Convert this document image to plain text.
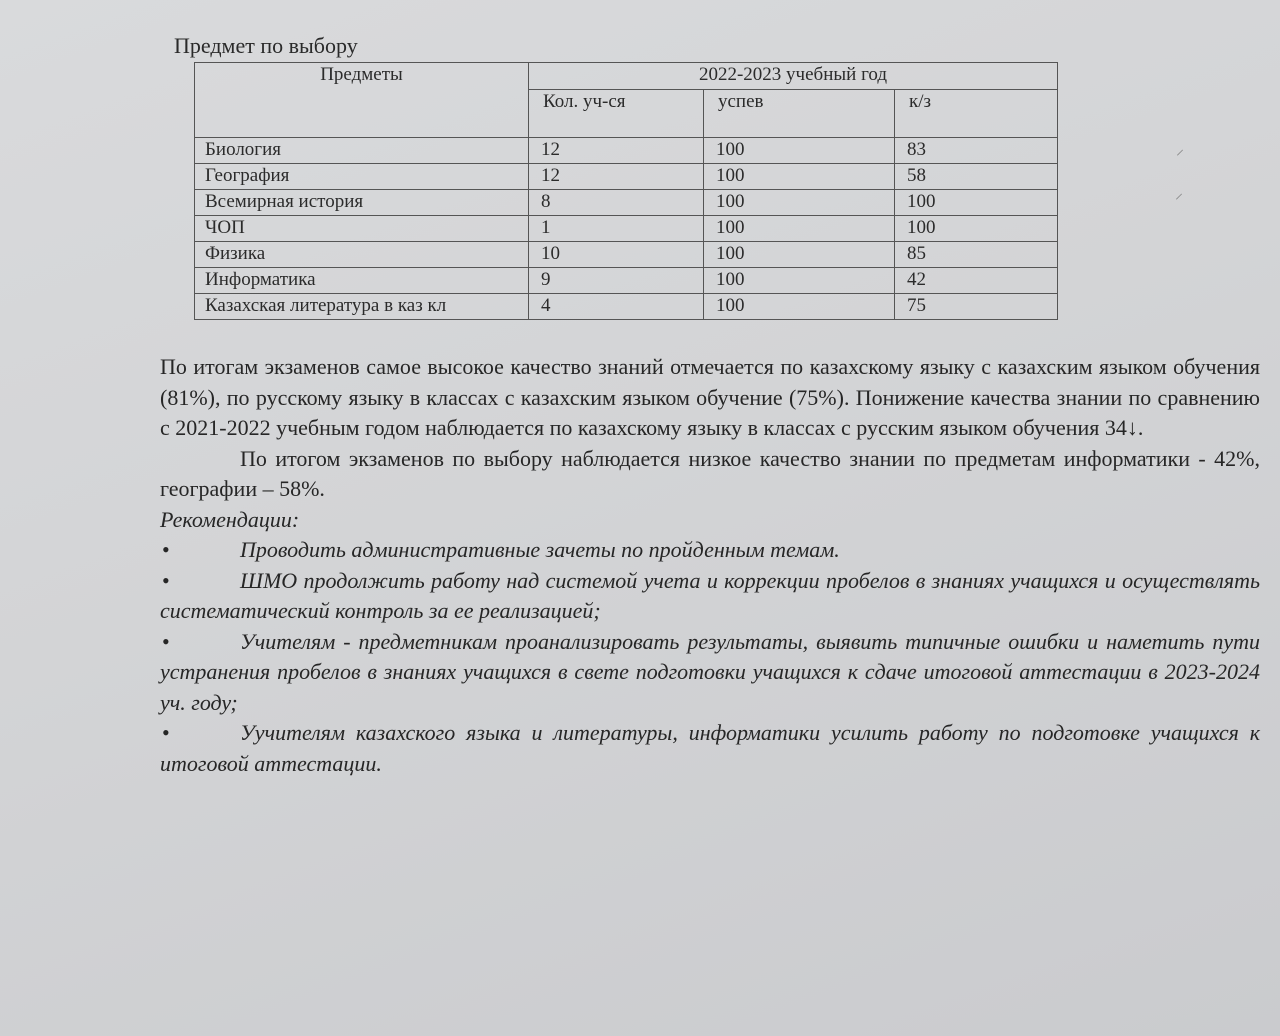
Предмет по выбору
Предметы	2022-2023 учебный год		
	Кол. уч-ся	успев	к/з
Биология	12	100	83
География	12	100	58
Всемирная история	8	100	100
ЧОП	1	100	100
Физика	10	100	85
Информатика	9	100	42
Казахская литература в каз кл	4	100	75
⸍
⸍

По итогам экзаменов самое высокое качество знаний отмечается по казахскому языку с казахским языком обучения (81%), по русскому языку в классах с казахским языком обучение (75%). Понижение качества знании по сравнению с 2021-2022 учебным годом наблюдается по казахскому языку в классах с русским языком обучения 34↓.

По итогом экзаменов по выбору наблюдается низкое качество знании по предметам информатики - 42%, географии – 58%.

Рекомендации:

•	Проводить административные зачеты по пройденным темам.
•	ШМО продолжить работу над системой учета и коррекции пробелов в знаниях учащихся и осуществлять систематический контроль за ее реализацией;
•	Учителям - предметникам проанализировать результаты, выявить типичные ошибки и наметить пути устранения пробелов в знаниях учащихся в свете подготовки учащихся к сдаче итоговой аттестации в 2023-2024 уч. году;
•	Уучителям казахского языка и литературы, информатики усилить работу по подготовке учащихся к итоговой аттестации.
